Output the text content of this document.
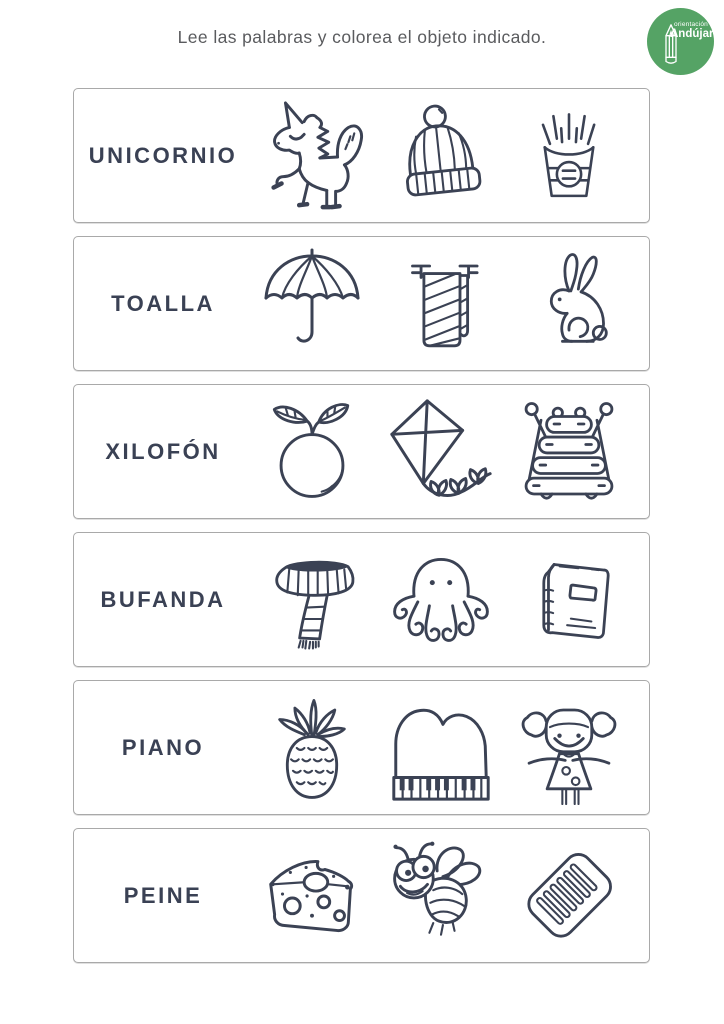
Lee las palabras y colorea el objeto indicado.

orientación
Andújar
UNICORNIO
TOALLA
XILOFÓN
BUFANDA
PIANO
PEINE
